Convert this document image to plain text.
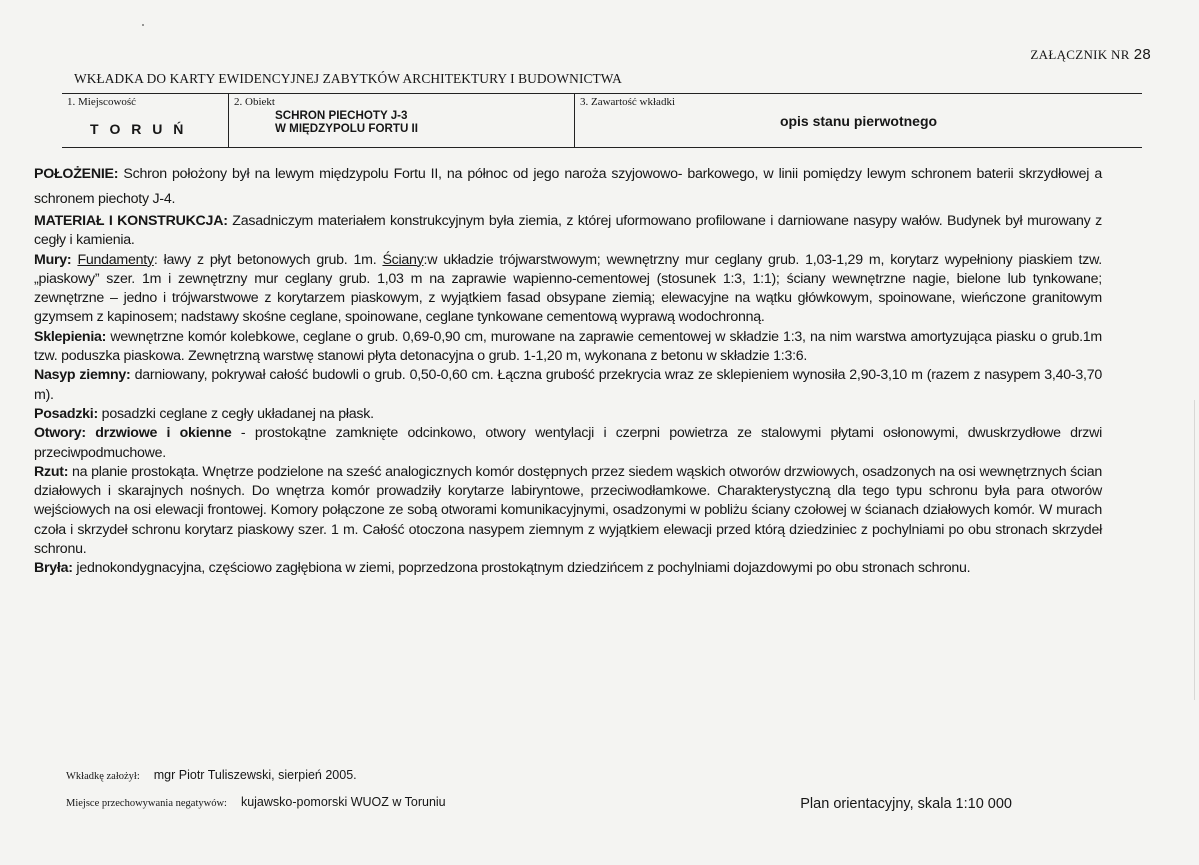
ZAŁĄCZNIK NR 28
WKŁADKA DO KARTY EWIDENCYJNEJ ZABYTKÓW ARCHITEKTURY I BUDOWNICTWA
1. Miejscowość
T O R U Ń
2. Obiekt
SCHRON PIECHOTY J-3
W MIĘDZYPOLU FORTU II
3. Zawartość wkładki
opis stanu pierwotnego

POŁOŻENIE: Schron położony był na lewym międzypolu Fortu II, na północ od jego naroża szyjowowo- barkowego, w linii pomiędzy lewym schronem baterii skrzydłowej a schronem piechoty J-4.

MATERIAŁ I KONSTRUKCJA: Zasadniczym materiałem konstrukcyjnym była ziemia, z której uformowano profilowane i darniowane nasypy wałów. Budynek był murowany z cegły i kamienia.

Mury: Fundamenty: ławy z płyt betonowych grub. 1m. Ściany:w układzie trójwarstwowym; wewnętrzny mur ceglany grub. 1,03-1,29 m, korytarz wypełniony piaskiem tzw. „piaskowy” szer. 1m i zewnętrzny mur ceglany grub. 1,03 m na zaprawie wapienno-cementowej (stosunek 1:3, 1:1); ściany wewnętrzne nagie, bielone lub tynkowane; zewnętrzne – jedno i trójwarstwowe z korytarzem piaskowym, z wyjątkiem fasad obsypane ziemią; elewacyjne na wątku główkowym, spoinowane, wieńczone granitowym gzymsem z kapinosem; nadstawy skośne ceglane, spoinowane, ceglane tynkowane cementową wyprawą wodochronną.

Sklepienia: wewnętrzne komór kolebkowe, ceglane o grub. 0,69-0,90 cm, murowane na zaprawie cementowej w składzie 1:3, na nim warstwa amortyzująca piasku o grub.1m tzw. poduszka piaskowa. Zewnętrzną warstwę stanowi płyta detonacyjna o grub. 1-1,20 m, wykonana z betonu w składzie 1:3:6.

Nasyp ziemny: darniowany, pokrywał całość budowli o grub. 0,50-0,60 cm. Łączna grubość przekrycia wraz ze sklepieniem wynosiła 2,90-3,10 m (razem z nasypem 3,40-3,70 m).

Posadzki: posadzki ceglane z cegły układanej na płask.

Otwory: drzwiowe i okienne - prostokątne zamknięte odcinkowo, otwory wentylacji i czerpni powietrza ze stalowymi płytami osłonowymi, dwuskrzydłowe drzwi przeciwpodmuchowe.

Rzut: na planie prostokąta. Wnętrze podzielone na sześć analogicznych komór dostępnych przez siedem wąskich otworów drzwiowych, osadzonych na osi wewnętrznych ścian działowych i skarajnych nośnych. Do wnętrza komór prowadziły korytarze labiryntowe, przeciwodłamkowe. Charakterystyczną dla tego typu schronu była para otworów wejściowych na osi elewacji frontowej. Komory połączone ze sobą otworami komunikacyjnymi, osadzonymi w pobliżu ściany czołowej w ścianach działowych komór. W murach czoła i skrzydeł schronu korytarz piaskowy szer. 1 m. Całość otoczona nasypem ziemnym z wyjątkiem elewacji przed którą dziedziniec z pochylniami po obu stronach skrzydeł schronu.

Bryła: jednokondygnacyjna, częściowo zagłębiona w ziemi, poprzedzona prostokątnym dziedzińcem z pochylniami dojazdowymi po obu stronach schronu.

Wkładkę założył: mgr Piotr Tuliszewski, sierpień 2005.
Miejsce przechowywania negatywów: kujawsko-pomorski WUOZ w Toruniu	Plan orientacyjny, skala 1:10 000
